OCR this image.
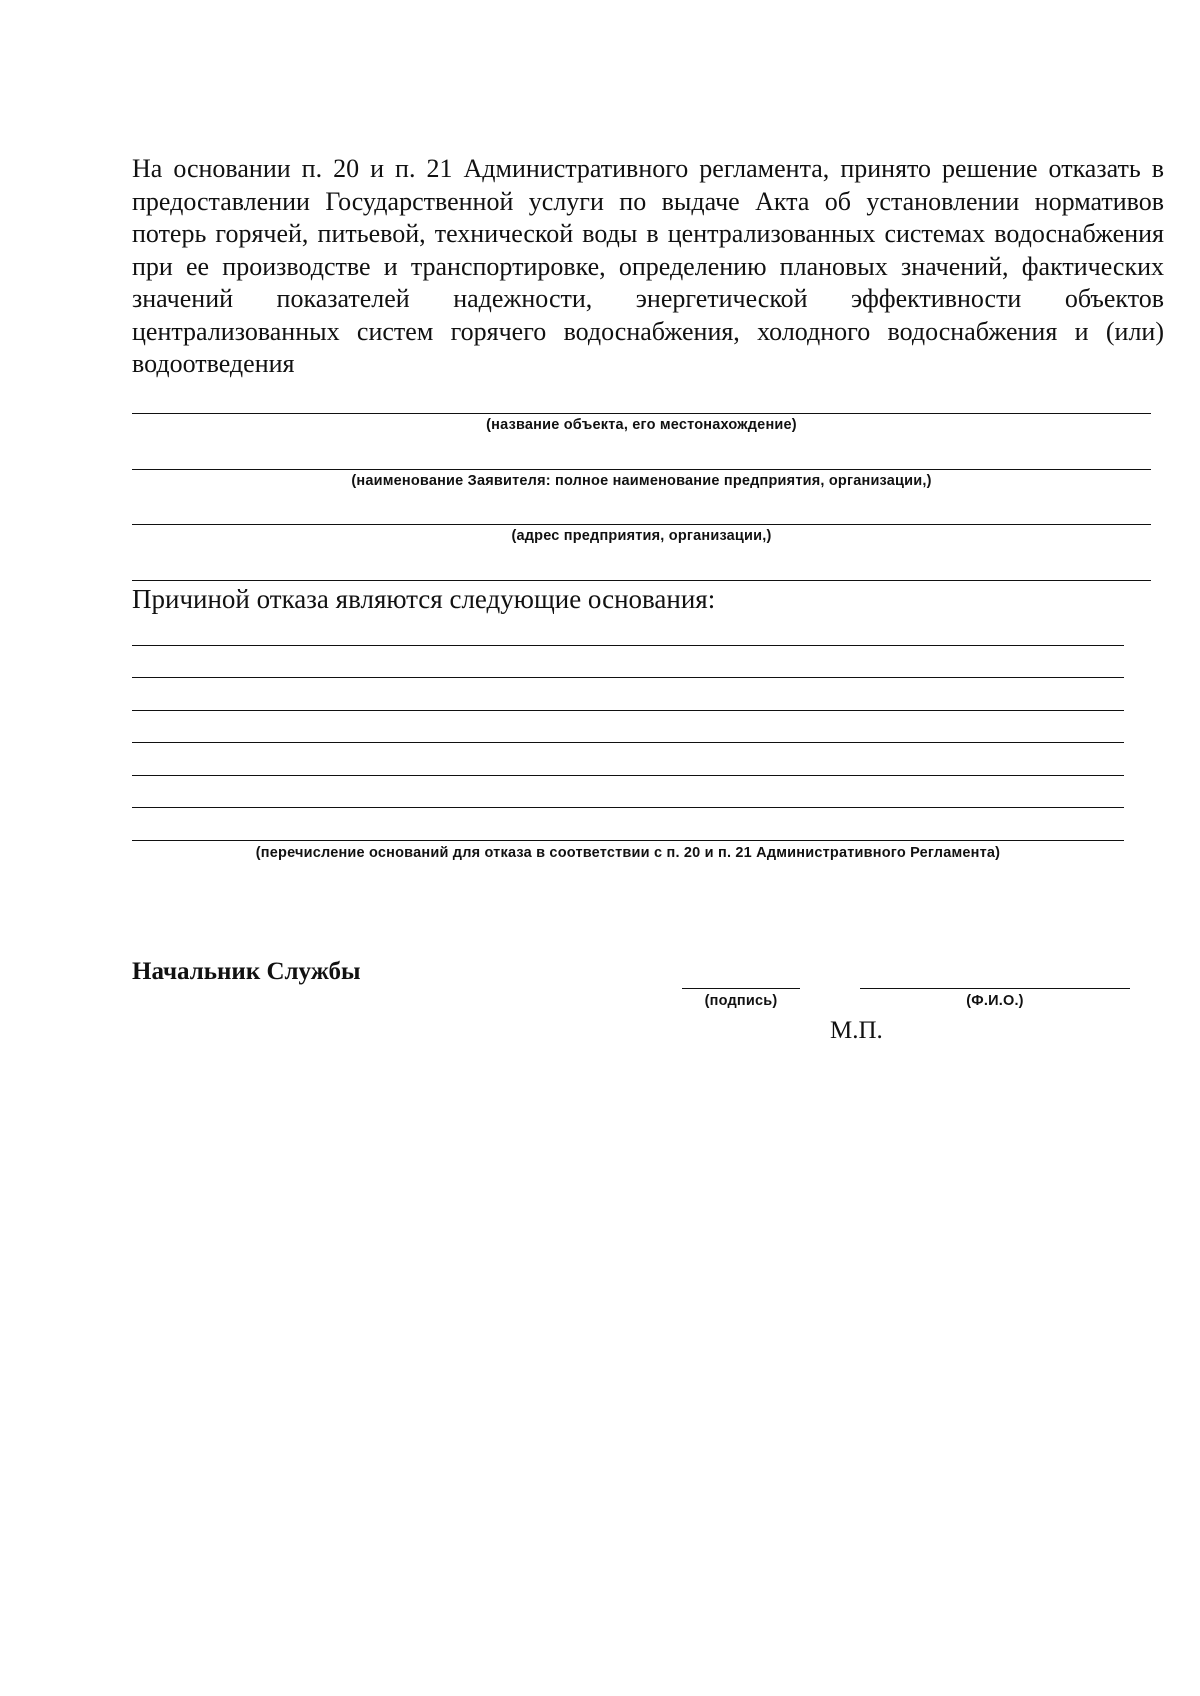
На основании п. 20 и п. 21 Административного регламента, принято решение отказать в предоставлении Государственной услуги по выдаче Акта об установлении нормативов потерь горячей, питьевой, технической воды в централизованных системах водоснабжения при ее производстве и транспортировке, определению плановых значений, фактических значений показателей надежности, энергетической эффективности объектов централизованных систем горячего водоснабжения, холодного водоснабжения и (или) водоотведения

(название объекта, его местонахождение)
(наименование Заявителя: полное наименование предприятия, организации,)
(адрес предприятия, организации,)
Причиной отказа являются следующие основания:
(перечисление оснований для отказа в соответствии с п. 20 и п. 21 Административного Регламента)
Начальник Службы
(подпись)	(Ф.И.О.)
М.П.
